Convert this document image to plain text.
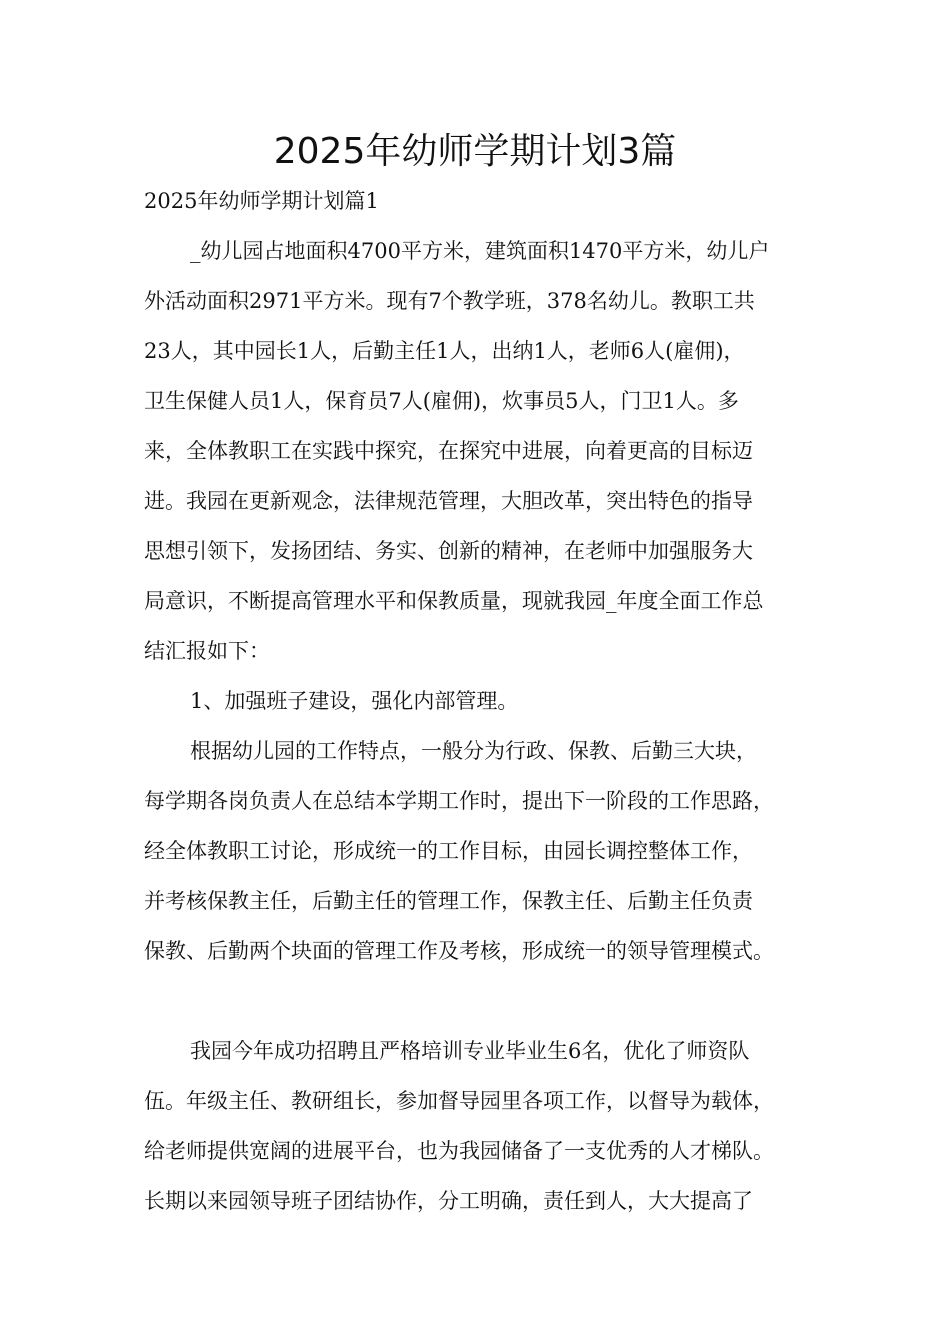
2025年幼师学期计划3篇

2025年幼师学期计划篇1

_幼儿园占地面积4700平方米，建筑面积1470平方米，幼儿户

外活动面积2971平方米。现有7个教学班，378名幼儿。教职工共

23人，其中园长1人，后勤主任1人，出纳1人，老师6人(雇佣)，

卫生保健人员1人，保育员7人(雇佣)，炊事员5人，门卫1人。多

来，全体教职工在实践中探究，在探究中进展，向着更高的目标迈

进。我园在更新观念，法律规范管理，大胆改革，突出特色的指导

思想引领下，发扬团结、务实、创新的精神，在老师中加强服务大

局意识，不断提高管理水平和保教质量，现就我园_年度全面工作总

结汇报如下：

1、加强班子建设，强化内部管理。

根据幼儿园的工作特点，一般分为行政、保教、后勤三大块，

每学期各岗负责人在总结本学期工作时，提出下一阶段的工作思路，

经全体教职工讨论，形成统一的工作目标，由园长调控整体工作，

并考核保教主任，后勤主任的管理工作，保教主任、后勤主任负责

保教、后勤两个块面的管理工作及考核，形成统一的领导管理模式。

我园今年成功招聘且严格培训专业毕业生6名，优化了师资队

伍。年级主任、教研组长，参加督导园里各项工作，以督导为载体，

给老师提供宽阔的进展平台，也为我园储备了一支优秀的人才梯队。

长期以来园领导班子团结协作，分工明确，责任到人，大大提高了
